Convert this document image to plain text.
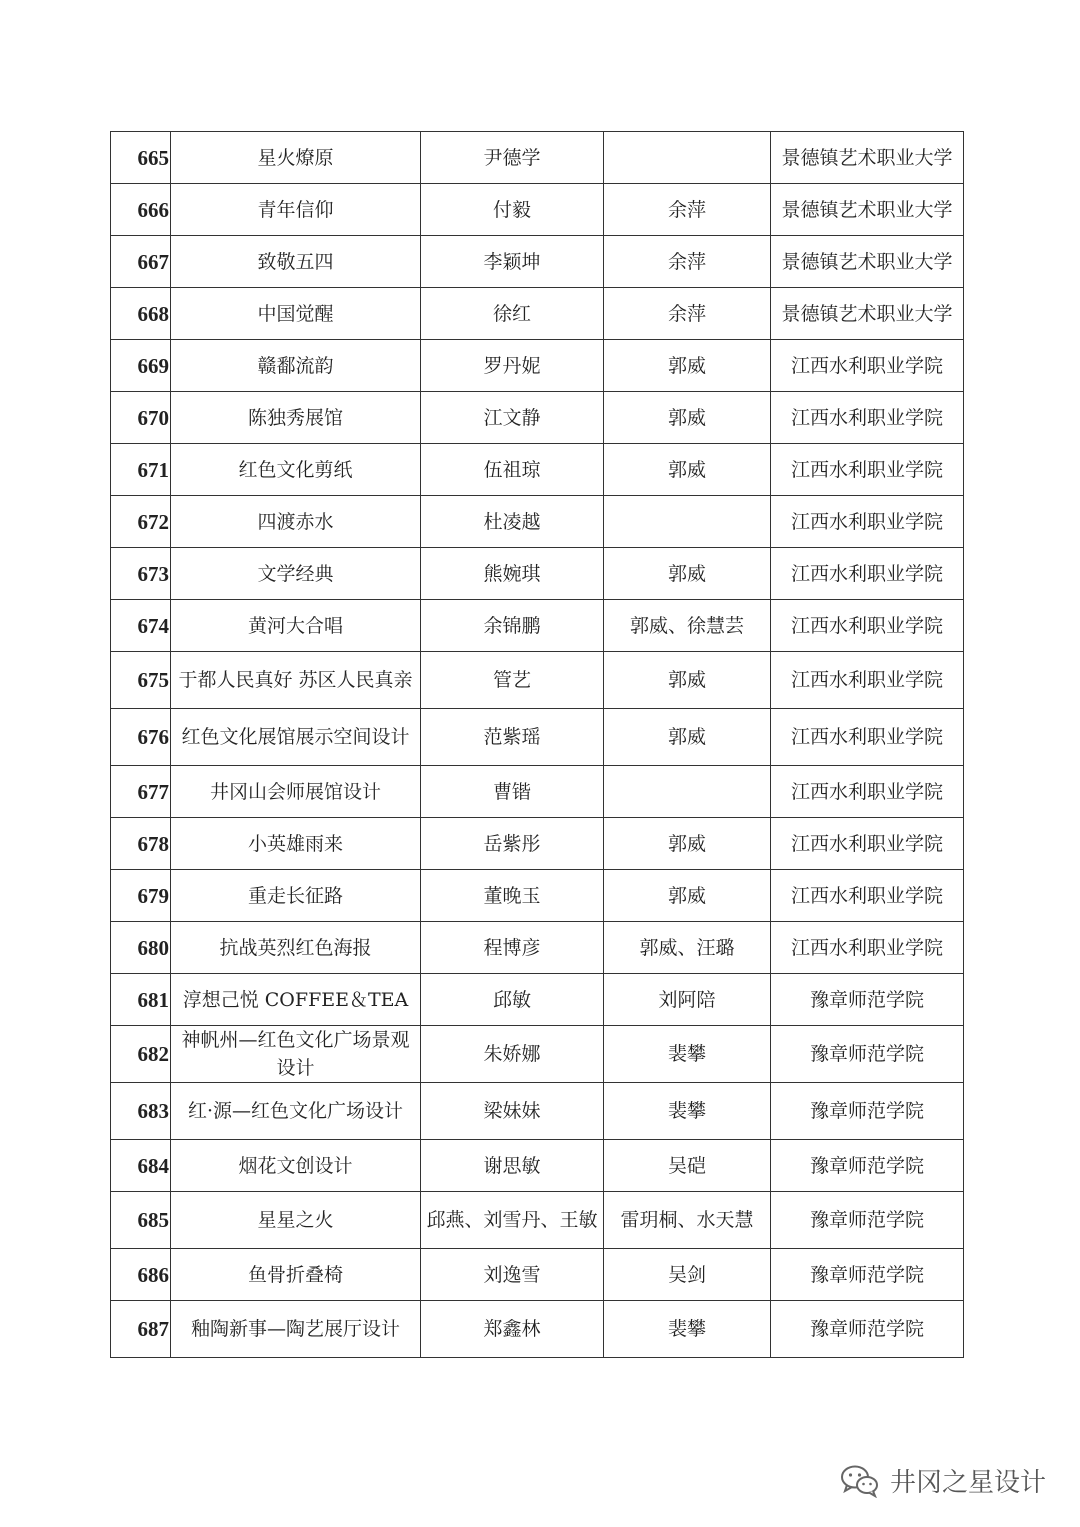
665	星火燎原	尹德学		景德镇艺术职业大学
666	青年信仰	付毅	余萍	景德镇艺术职业大学
667	致敬五四	李颖坤	余萍	景德镇艺术职业大学
668	中国觉醒	徐红	余萍	景德镇艺术职业大学
669	赣鄱流韵	罗丹妮	郭威	江西水利职业学院
670	陈独秀展馆	江文静	郭威	江西水利职业学院
671	红色文化剪纸	伍祖琼	郭威	江西水利职业学院
672	四渡赤水	杜凌越		江西水利职业学院
673	文学经典	熊婉琪	郭威	江西水利职业学院
674	黄河大合唱	余锦鹏	郭威、徐慧芸	江西水利职业学院
675	于都人民真好 苏区人民真亲	管艺	郭威	江西水利职业学院
676	红色文化展馆展示空间设计	范紫瑶	郭威	江西水利职业学院
677	井冈山会师展馆设计	曹锴		江西水利职业学院
678	小英雄雨来	岳紫彤	郭威	江西水利职业学院
679	重走长征路	董晚玉	郭威	江西水利职业学院
680	抗战英烈红色海报	程博彦	郭威、汪璐	江西水利职业学院
681	淳想己悦 COFFEE＆TEA	邱敏	刘阿陪	豫章师范学院
682	神帆州—红色文化广场景观设计	朱娇娜	裴攀	豫章师范学院
683	红·源—红色文化广场设计	梁妹妹	裴攀	豫章师范学院
684	烟花文创设计	谢思敏	吴硙	豫章师范学院
685	星星之火	邱燕、刘雪丹、王敏	雷玥桐、水天慧	豫章师范学院
686	鱼骨折叠椅	刘逸雪	吴剑	豫章师范学院
687	釉陶新事—陶艺展厅设计	郑鑫林	裴攀	豫章师范学院
井冈之星设计
